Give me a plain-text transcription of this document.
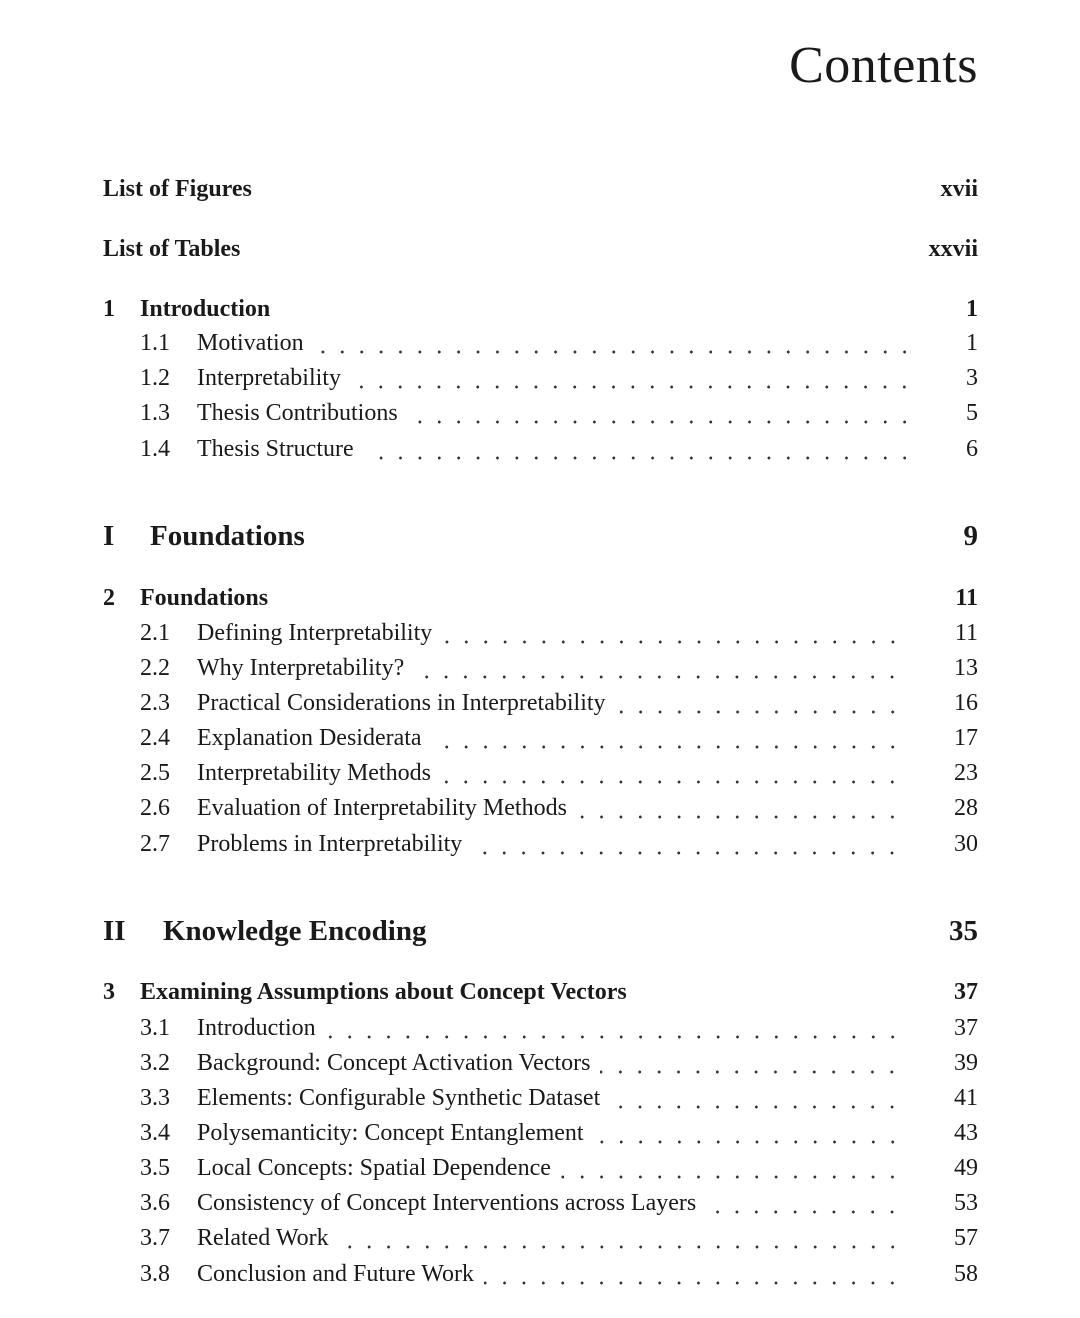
Contents
List of Figures	xvii
List of Tables	xxvii
1	Introduction	1
1.1	Motivation	1
1.2	Interpretability	3
1.3	Thesis Contributions	5
1.4	Thesis Structure	6
I	Foundations	9
2	Foundations	11
2.1	Defining Interpretability	11
2.2	Why Interpretability?	13
2.3	Practical Considerations in Interpretability	16
2.4	Explanation Desiderata	17
2.5	Interpretability Methods	23
2.6	Evaluation of Interpretability Methods	28
2.7	Problems in Interpretability	30
II	Knowledge Encoding	35
3	Examining Assumptions about Concept Vectors	37
3.1	Introduction	37
3.2	Background: Concept Activation Vectors	39
3.3	Elements: Configurable Synthetic Dataset	41
3.4	Polysemanticity: Concept Entanglement	43
3.5	Local Concepts: Spatial Dependence	49
3.6	Consistency of Concept Interventions across Layers	53
3.7	Related Work	57
3.8	Conclusion and Future Work	58
